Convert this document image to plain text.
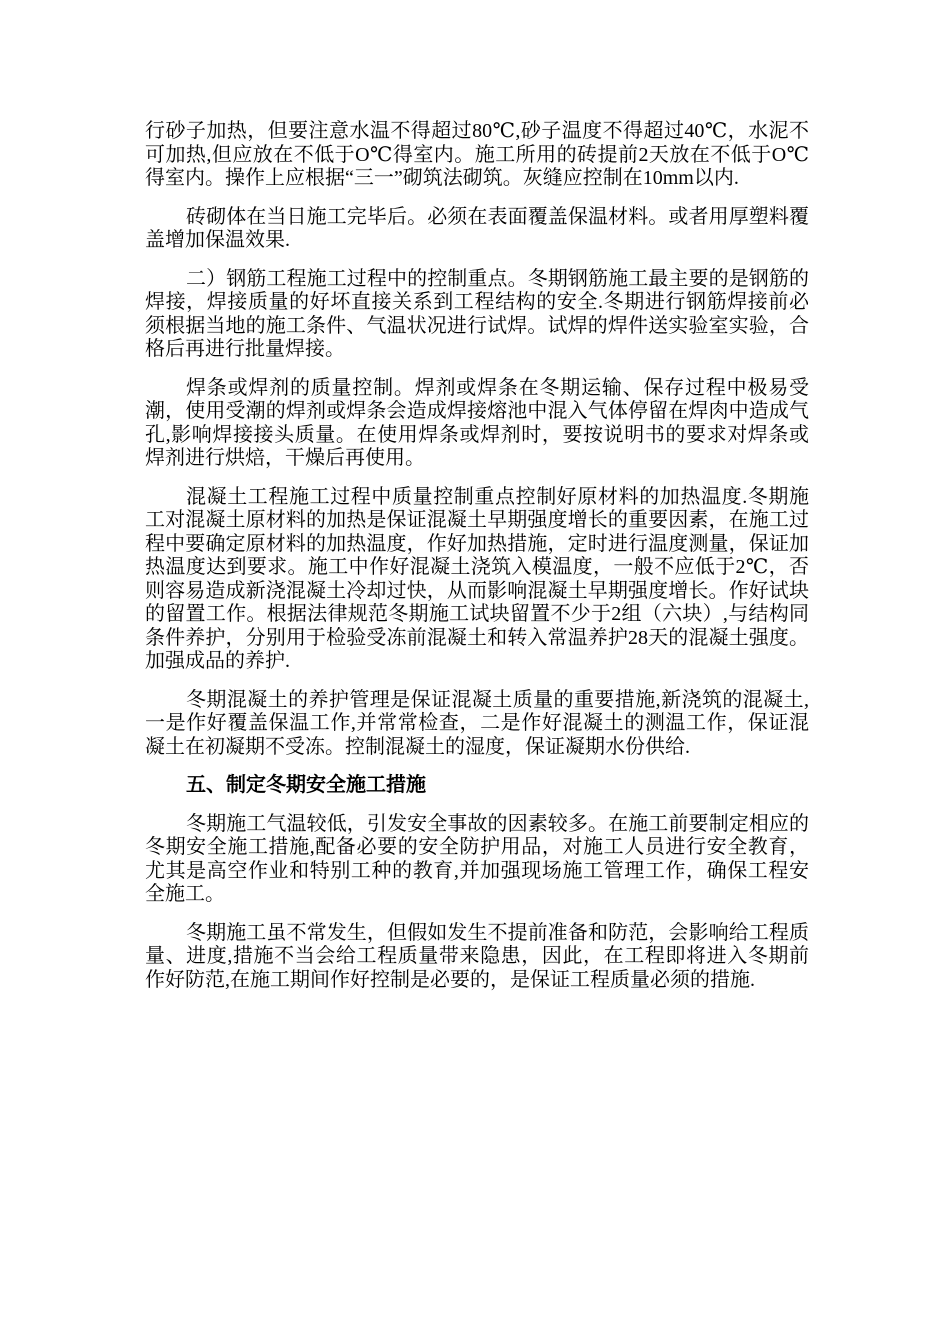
行砂子加热，但要注意水温不得超过80℃,砂子温度不得超过40℃，水泥不可加热,但应放在不低于O℃得室内。施工所用的砖提前2天放在不低于O℃得室内。操作上应根据“三一”砌筑法砌筑。灰缝应控制在10mm以内.

砖砌体在当日施工完毕后。必须在表面覆盖保温材料。或者用厚塑料覆盖增加保温效果.

二）钢筋工程施工过程中的控制重点。冬期钢筋施工最主要的是钢筋的焊接，焊接质量的好坏直接关系到工程结构的安全.冬期进行钢筋焊接前必须根据当地的施工条件、气温状况进行试焊。试焊的焊件送实验室实验，合格后再进行批量焊接。

焊条或焊剂的质量控制。焊剂或焊条在冬期运输、保存过程中极易受潮，使用受潮的焊剂或焊条会造成焊接熔池中混入气体停留在焊肉中造成气孔,影响焊接接头质量。在使用焊条或焊剂时，要按说明书的要求对焊条或焊剂进行烘焙，干燥后再使用。

混凝土工程施工过程中质量控制重点控制好原材料的加热温度.冬期施工对混凝土原材料的加热是保证混凝土早期强度增长的重要因素，在施工过程中要确定原材料的加热温度，作好加热措施，定时进行温度测量，保证加热温度达到要求。施工中作好混凝土浇筑入模温度，一般不应低于2℃，否则容易造成新浇混凝土冷却过快，从而影响混凝土早期强度增长。作好试块的留置工作。根据法律规范冬期施工试块留置不少于2组（六块）,与结构同条件养护，分别用于检验受冻前混凝土和转入常温养护28天的混凝土强度。加强成品的养护.

冬期混凝土的养护管理是保证混凝土质量的重要措施,新浇筑的混凝土,一是作好覆盖保温工作,并常常检查，二是作好混凝土的测温工作，保证混凝土在初凝期不受冻。控制混凝土的湿度，保证凝期水份供给.

五、制定冬期安全施工措施

冬期施工气温较低，引发安全事故的因素较多。在施工前要制定相应的冬期安全施工措施,配备必要的安全防护用品，对施工人员进行安全教育，尤其是高空作业和特别工种的教育,并加强现场施工管理工作，确保工程安全施工。

冬期施工虽不常发生，但假如发生不提前准备和防范，会影响给工程质量、进度,措施不当会给工程质量带来隐患，因此，在工程即将进入冬期前作好防范,在施工期间作好控制是必要的，是保证工程质量必须的措施.
